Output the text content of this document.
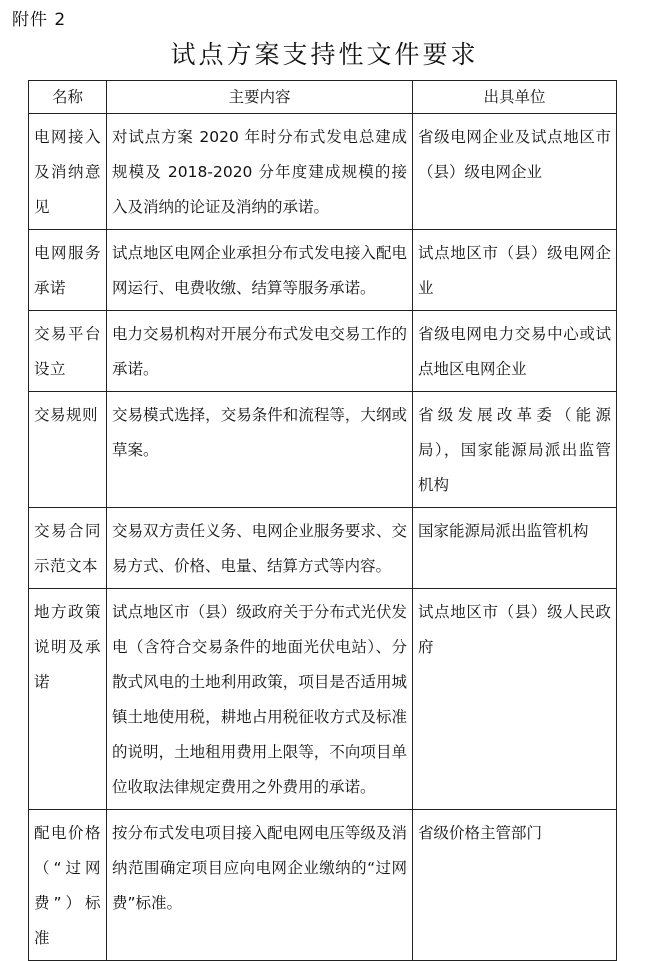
附件 2
试点方案支持性文件要求
名称	主要内容	出具单位
电网接入及消纳意见	对试点方案 2020 年时分布式发电总建成规模及 2018-2020 分年度建成规模的接入及消纳的论证及消纳的承诺。	省级电网企业及试点地区市（县）级电网企业
电网服务承诺	试点地区电网企业承担分布式发电接入配电网运行、电费收缴、结算等服务承诺。	试点地区市（县）级电网企业
交易平台设立	电力交易机构对开展分布式发电交易工作的承诺。	省级电网电力交易中心或试点地区电网企业
交易规则	交易模式选择，交易条件和流程等，大纲或草案。	省级发展改革委（能源局），国家能源局派出监管机构
交易合同示范文本	交易双方责任义务、电网企业服务要求、交易方式、价格、电量、结算方式等内容。	国家能源局派出监管机构
地方政策说明及承诺	试点地区市（县）级政府关于分布式光伏发电（含符合交易条件的地面光伏电站）、分散式风电的土地利用政策，项目是否适用城镇土地使用税，耕地占用税征收方式及标准的说明，土地租用费用上限等，不向项目单位收取法律规定费用之外费用的承诺。	试点地区市（县）级人民政府
配电价格（“过网费”）标准	按分布式发电项目接入配电网电压等级及消纳范围确定项目应向电网企业缴纳的“过网费”标准。	省级价格主管部门
